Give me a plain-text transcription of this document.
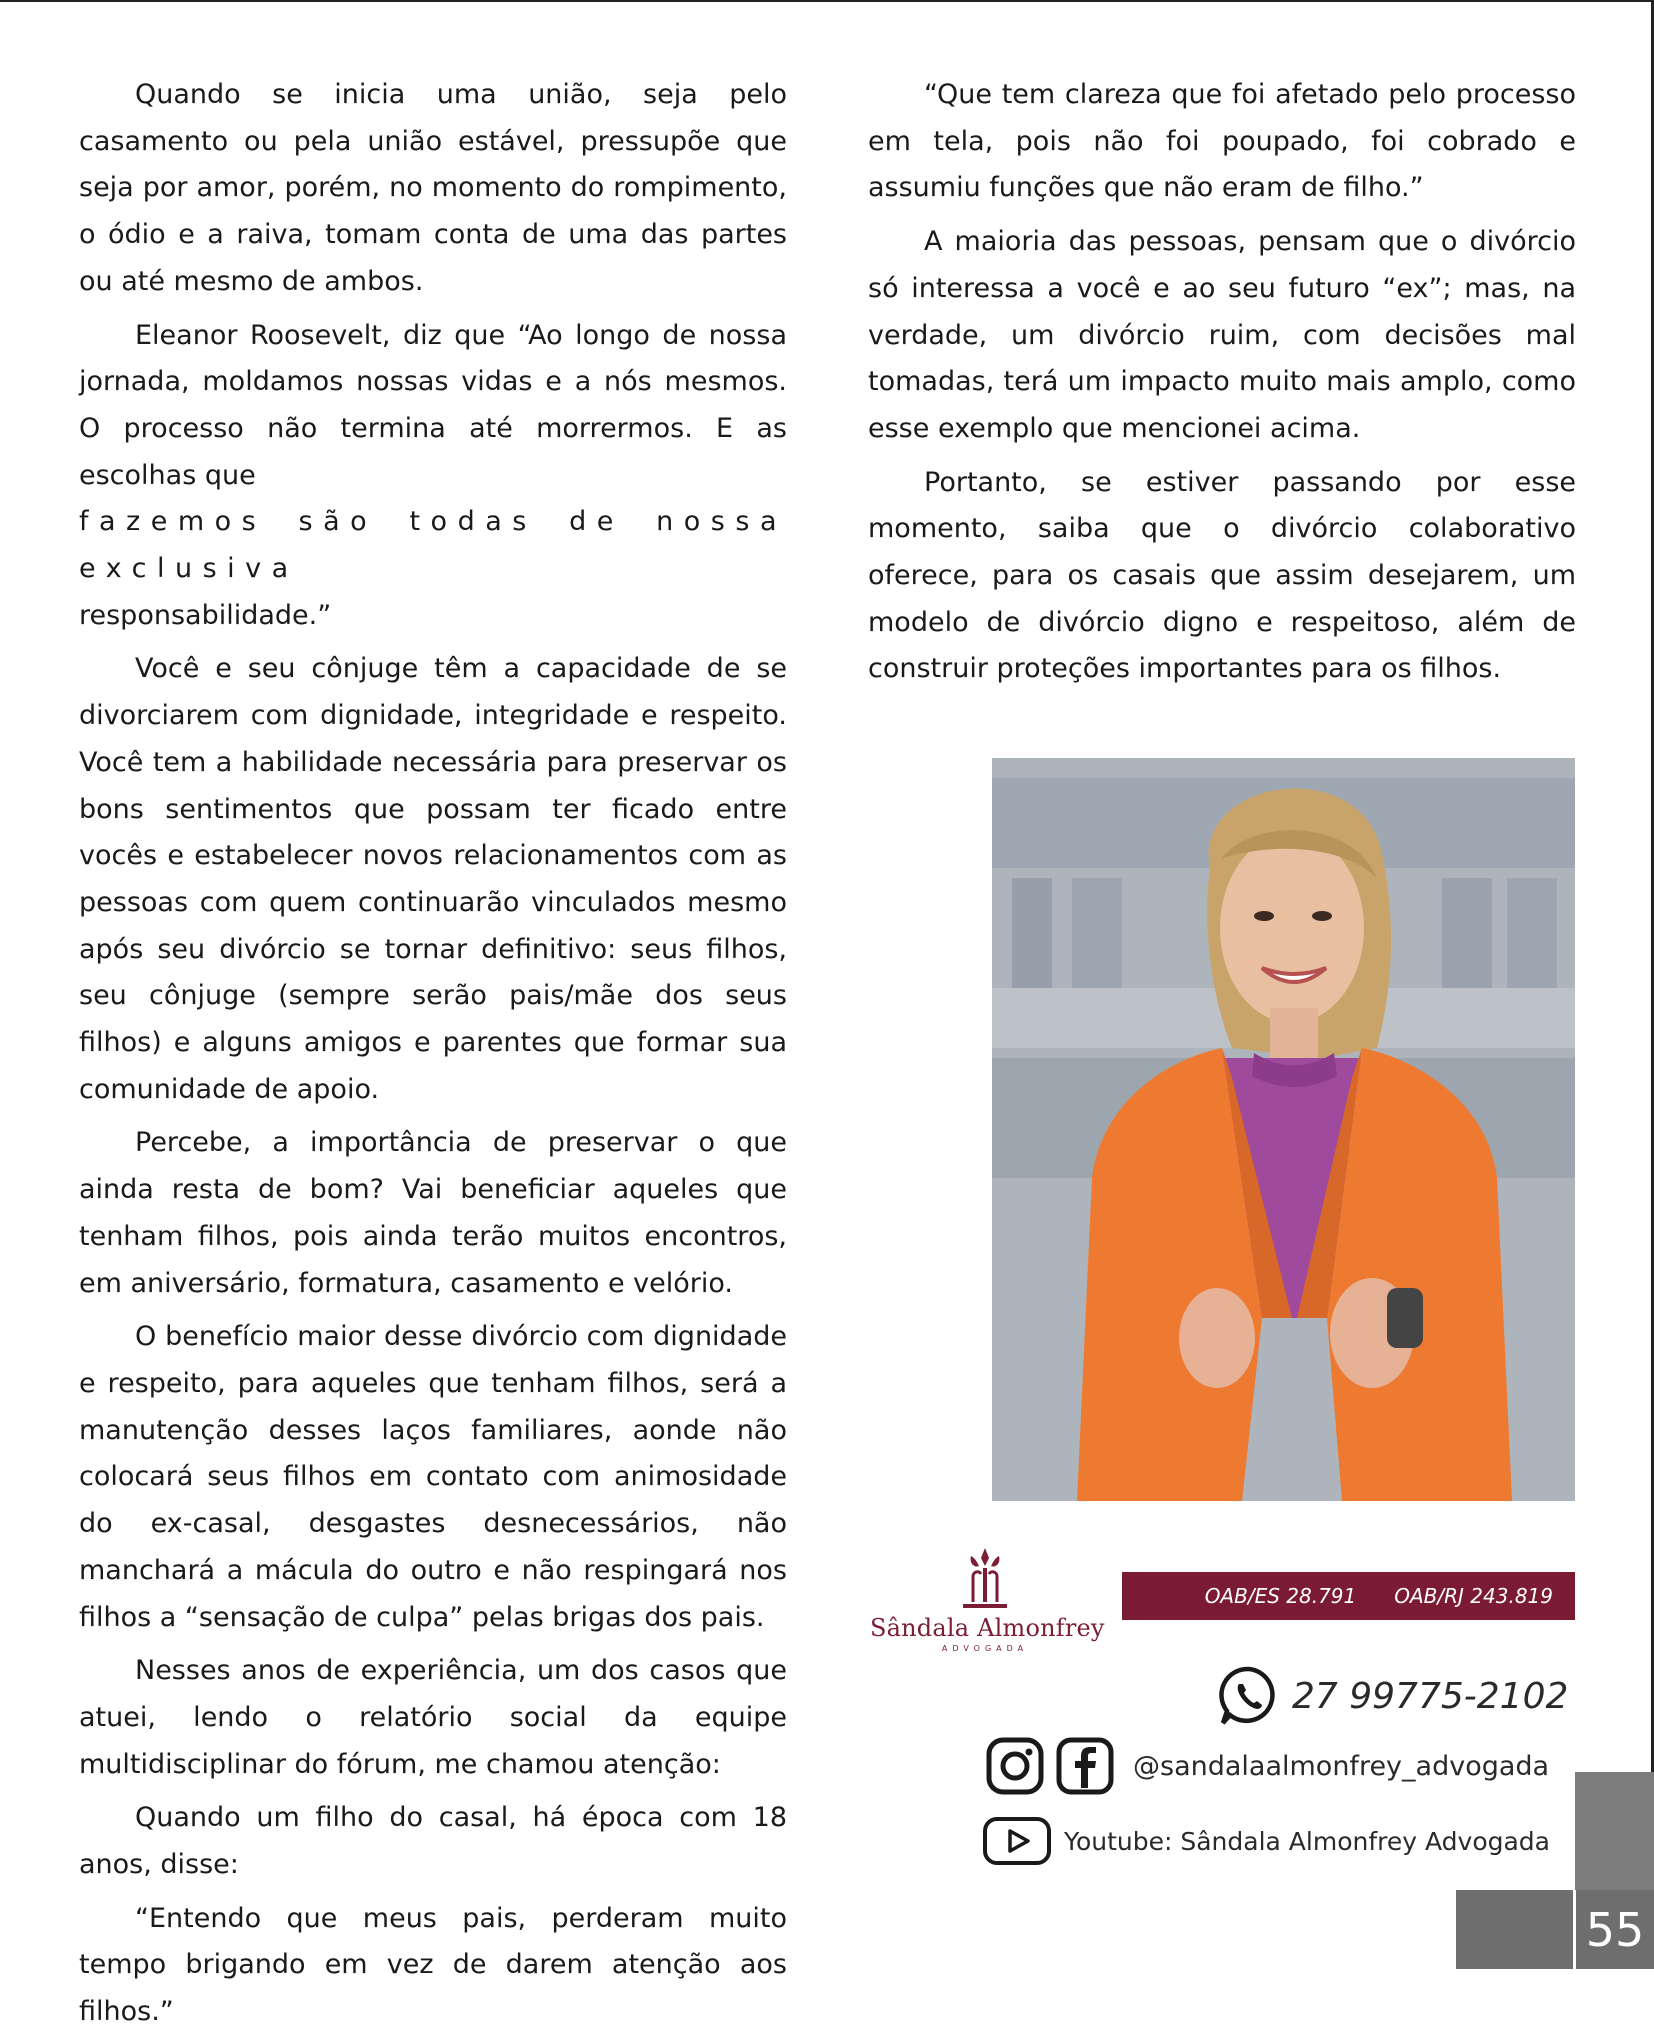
Quando se inicia uma união, seja pelo casamento ou pela união estável, pressupõe que seja por amor, porém, no momento do rompimento, o ódio e a raiva, tomam conta de uma das partes ou até mesmo de ambos.

Eleanor Roosevelt, diz que “Ao longo de nossa jornada, moldamos nossas vidas e a nós mesmos. O processo não termina até morrermos. E as escolhas que
fazemos são todas de nossa exclusiva
responsabilidade.”

Você e seu cônjuge têm a capacidade de se divorciarem com dignidade, integridade e respeito. Você tem a habilidade necessária para preservar os bons sentimentos que possam ter ficado entre vocês e estabelecer novos relacionamentos com as pessoas com quem continuarão vinculados mesmo após seu divórcio se tornar definitivo: seus filhos, seu cônjuge (sempre serão pais/mãe dos seus filhos) e alguns amigos e parentes que formar sua comunidade de apoio.

Percebe, a importância de preservar o que ainda resta de bom? Vai beneficiar aqueles que tenham filhos, pois ainda terão muitos encontros, em aniversário, formatura, casamento e velório.

O benefício maior desse divórcio com dignidade e respeito, para aqueles que tenham filhos, será a manutenção desses laços familiares, aonde não colocará seus filhos em contato com animosidade do ex-casal, desgastes desnecessários, não manchará a mácula do outro e não respingará nos filhos a “sensação de culpa” pelas brigas dos pais.

Nesses anos de experiência, um dos casos que atuei, lendo o relatório social da equipe multidisciplinar do fórum, me chamou atenção:

Quando um filho do casal, há época com 18 anos, disse:

“Entendo que meus pais, perderam muito tempo brigando em vez de darem atenção aos filhos.”

“Que tem clareza que foi afetado pelo processo em tela, pois não foi poupado, foi cobrado e assumiu funções que não eram de filho.”

A maioria das pessoas, pensam que o divórcio só interessa a você e ao seu futuro “ex”; mas, na verdade, um divórcio ruim, com decisões mal tomadas, terá um impacto muito mais amplo, como esse exemplo que mencionei acima.

Portanto, se estiver passando por esse momento, saiba que o divórcio colaborativo oferece, para os casais que assim desejarem, um modelo de divórcio digno e respeitoso, além de construir proteções importantes para os filhos.

Sândala Almonfrey
ADVOGADA
OAB/ES 28.791 OAB/RJ 243.819
27 99775-2102
@sandalaalmonfrey_advogada
Youtube: Sândala Almonfrey Advogada
55
